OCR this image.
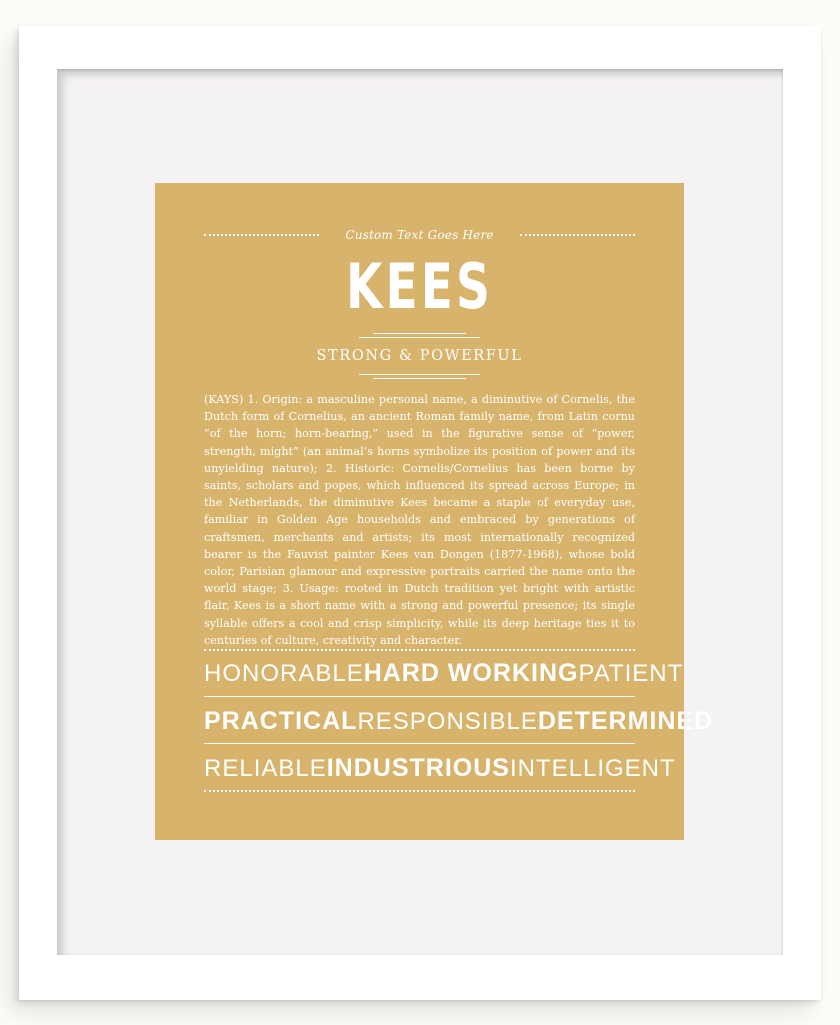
Custom Text Goes Here
KEES
STRONG & POWERFUL

(KAYS) 1. Origin: a masculine personal name, a diminutive of Cornelis, the Dutch form of Cornelius, an ancient Roman family name, from Latin cornu “of the horn; horn-bearing,” used in the figurative sense of “power, strength, might” (an animal’s horns symbolize its position of power and its unyielding nature); 2. Historic: Cornelis/Cornelius has been borne by saints, scholars and popes, which influenced its spread across Europe; in the Netherlands, the diminutive Kees became a staple of everyday use, familiar in Golden Age households and embraced by generations of craftsmen, merchants and artists; its most internationally recognized bearer is the Fauvist painter Kees van Dongen (1877-1968), whose bold color, Parisian glamour and expressive portraits carried the name onto the world stage; 3. Usage: rooted in Dutch tradition yet bright with artistic flair, Kees is a short name with a strong and powerful presence; its single syllable offers a cool and crisp simplicity, while its deep heritage ties it to centuries of culture, creativity and character.

HONORABLE HARD WORKING PATIENT
PRACTICAL RESPONSIBLE DETERMINED
RELIABLE INDUSTRIOUS INTELLIGENT
